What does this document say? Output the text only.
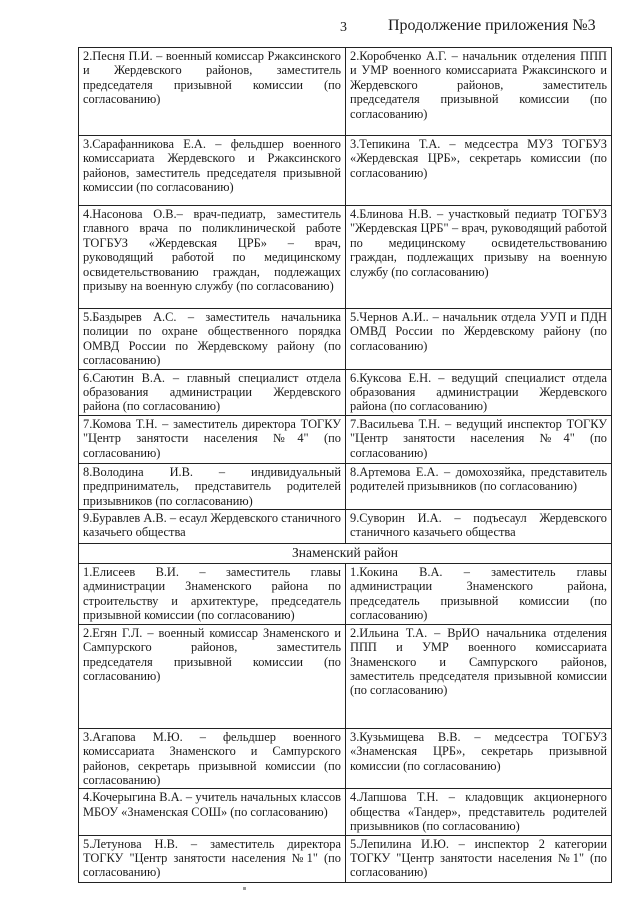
3	Продолжение приложения №3
2.Песня П.И. – военный комиссар Ржаксинского и Жердевского районов, заместитель председателя призывной комиссии (по согласованию)	2.Коробченко А.Г. – начальник отделения ППП и УМР военного комиссариата Ржаксинского и Жердевского районов, заместитель председателя призывной комиссии (по согласованию)
3.Сарафанникова Е.А. – фельдшер военного комиссариата Жердевского и Ржаксинского районов, заместитель председателя призывной комиссии (по согласованию)	3.Тепикина Т.А. – медсестра МУЗ ТОГБУЗ «Жердевская ЦРБ», секретарь комиссии (по согласованию)
4.Насонова О.В.– врач-педиатр, заместитель главного врача по поликлинической работе ТОГБУЗ «Жердевская ЦРБ» – врач, руководящий работой по медицинскому освидетельствованию граждан, подлежащих призыву на военную службу (по согласованию)	4.Блинова Н.В. – участковый педиатр ТОГБУЗ "Жердевская ЦРБ" – врач, руководящий работой по медицинскому освидетельствованию граждан, подлежащих призыву на военную службу (по согласованию)
5.Баздырев А.С. – заместитель начальника полиции по охране общественного порядка ОМВД России по Жердевскому району (по согласованию)	5.Чернов А.И.. – начальник отдела УУП и ПДН ОМВД России по Жердевскому району (по согласованию)
6.Саютин В.А. – главный специалист отдела образования администрации Жердевского района (по согласованию)	6.Куксова Е.Н. – ведущий специалист отдела образования администрации Жердевского района (по согласованию)
7.Комова Т.Н. – заместитель директора ТОГКУ "Центр занятости населения №4" (по согласованию)	7.Васильева Т.Н. – ведущий инспектор ТОГКУ "Центр занятости населения №4" (по согласованию)
8.Володина И.В. – индивидуальный предприниматель, представитель родителей призывников (по согласованию)	8.Артемова Е.А. – домохозяйка, представитель родителей призывников (по согласованию)
9.Буравлев А.В. – есаул Жердевского станичного казачьего общества	9.Суворин И.А. – подъесаул Жердевского станичного казачьего общества
Знаменский район	
1.Елисеев В.И. – заместитель главы администрации Знаменского района по строительству и архитектуре, председатель призывной комиссии (по согласованию)	1.Кокина В.А. – заместитель главы администрации Знаменского района, председатель призывной комиссии (по согласованию)
2.Егян Г.Л. – военный комиссар Знаменского и Сампурского районов, заместитель председателя призывной комиссии (по согласованию)	2.Ильина Т.А. – ВрИО начальника отделения ППП и УМР военного комиссариата Знаменского и Сампурского районов, заместитель председателя призывной комиссии (по согласованию)
3.Агапова М.Ю. – фельдшер военного комиссариата Знаменского и Сампурского районов, секретарь призывной комиссии (по согласованию)	3.Кузьмищева В.В. – медсестра ТОГБУЗ «Знаменская ЦРБ», секретарь призывной комиссии (по согласованию)
4.Кочерыгина В.А. – учитель начальных классов МБОУ «Знаменская СОШ» (по согласованию)	4.Лапшова Т.Н. – кладовщик акционерного общества «Тандер», представитель родителей призывников (по согласованию)
5.Летунова Н.В. – заместитель директора ТОГКУ "Центр занятости населения №1" (по согласованию)	5.Лепилина И.Ю. – инспектор 2 категории ТОГКУ "Центр занятости населения №1" (по согласованию)
